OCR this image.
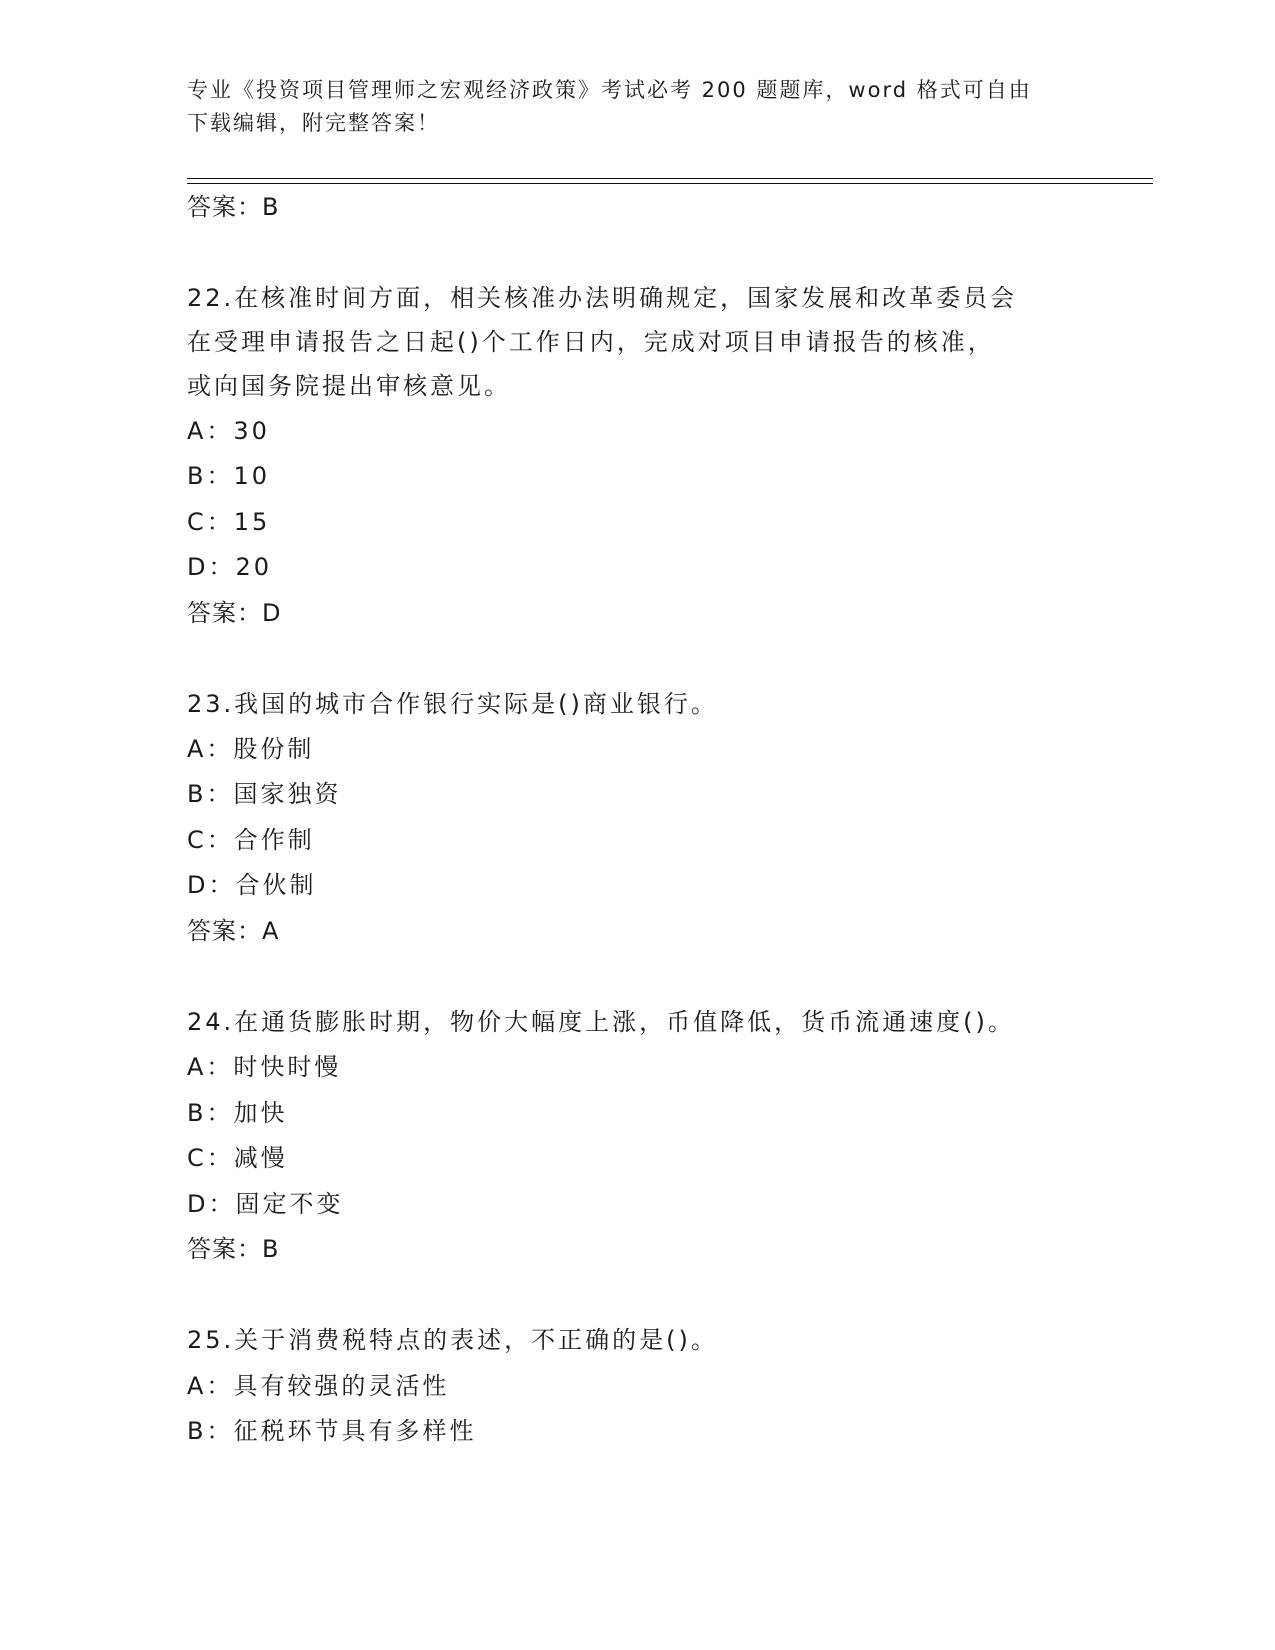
专业《投资项目管理师之宏观经济政策》考试必考 200 题题库，word 格式可自由
下载编辑，附完整答案！
答案：B
22.在核准时间方面，相关核准办法明确规定，国家发展和改革委员会
在受理申请报告之日起()个工作日内，完成对项目申请报告的核准，
或向国务院提出审核意见。
A：30
B：10
C：15
D：20
答案：D
23.我国的城市合作银行实际是()商业银行。
A：股份制
B：国家独资
C：合作制
D：合伙制
答案：A
24.在通货膨胀时期，物价大幅度上涨，币值降低，货币流通速度()。
A：时快时慢
B：加快
C：减慢
D：固定不变
答案：B
25.关于消费税特点的表述，不正确的是()。
A：具有较强的灵活性
B：征税环节具有多样性
